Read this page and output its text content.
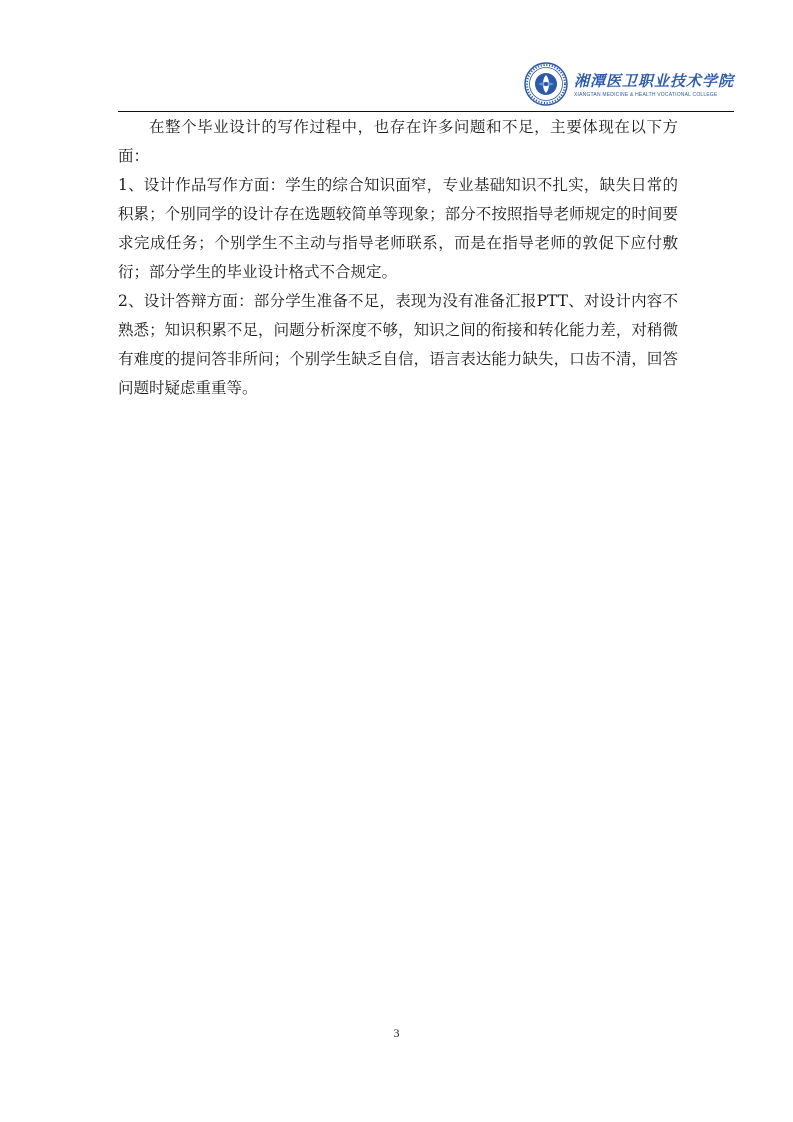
湘潭医卫职业技术学院
XIANGTAN MEDICINE & HEALTH VOCATIONAL COLLEGE

在整个毕业设计的写作过程中，也存在许多问题和不足，主要体现在以下方面：

1、设计作品写作方面：学生的综合知识面窄，专业基础知识不扎实，缺失日常的积累；个别同学的设计存在选题较简单等现象；部分不按照指导老师规定的时间要求完成任务；个别学生不主动与指导老师联系，而是在指导老师的敦促下应付敷衍；部分学生的毕业设计格式不合规定。

2、设计答辩方面：部分学生准备不足，表现为没有准备汇报PTT、对设计内容不熟悉；知识积累不足，问题分析深度不够，知识之间的衔接和转化能力差，对稍微有难度的提问答非所问；个别学生缺乏自信，语言表达能力缺失，口齿不清，回答问题时疑虑重重等。

3
